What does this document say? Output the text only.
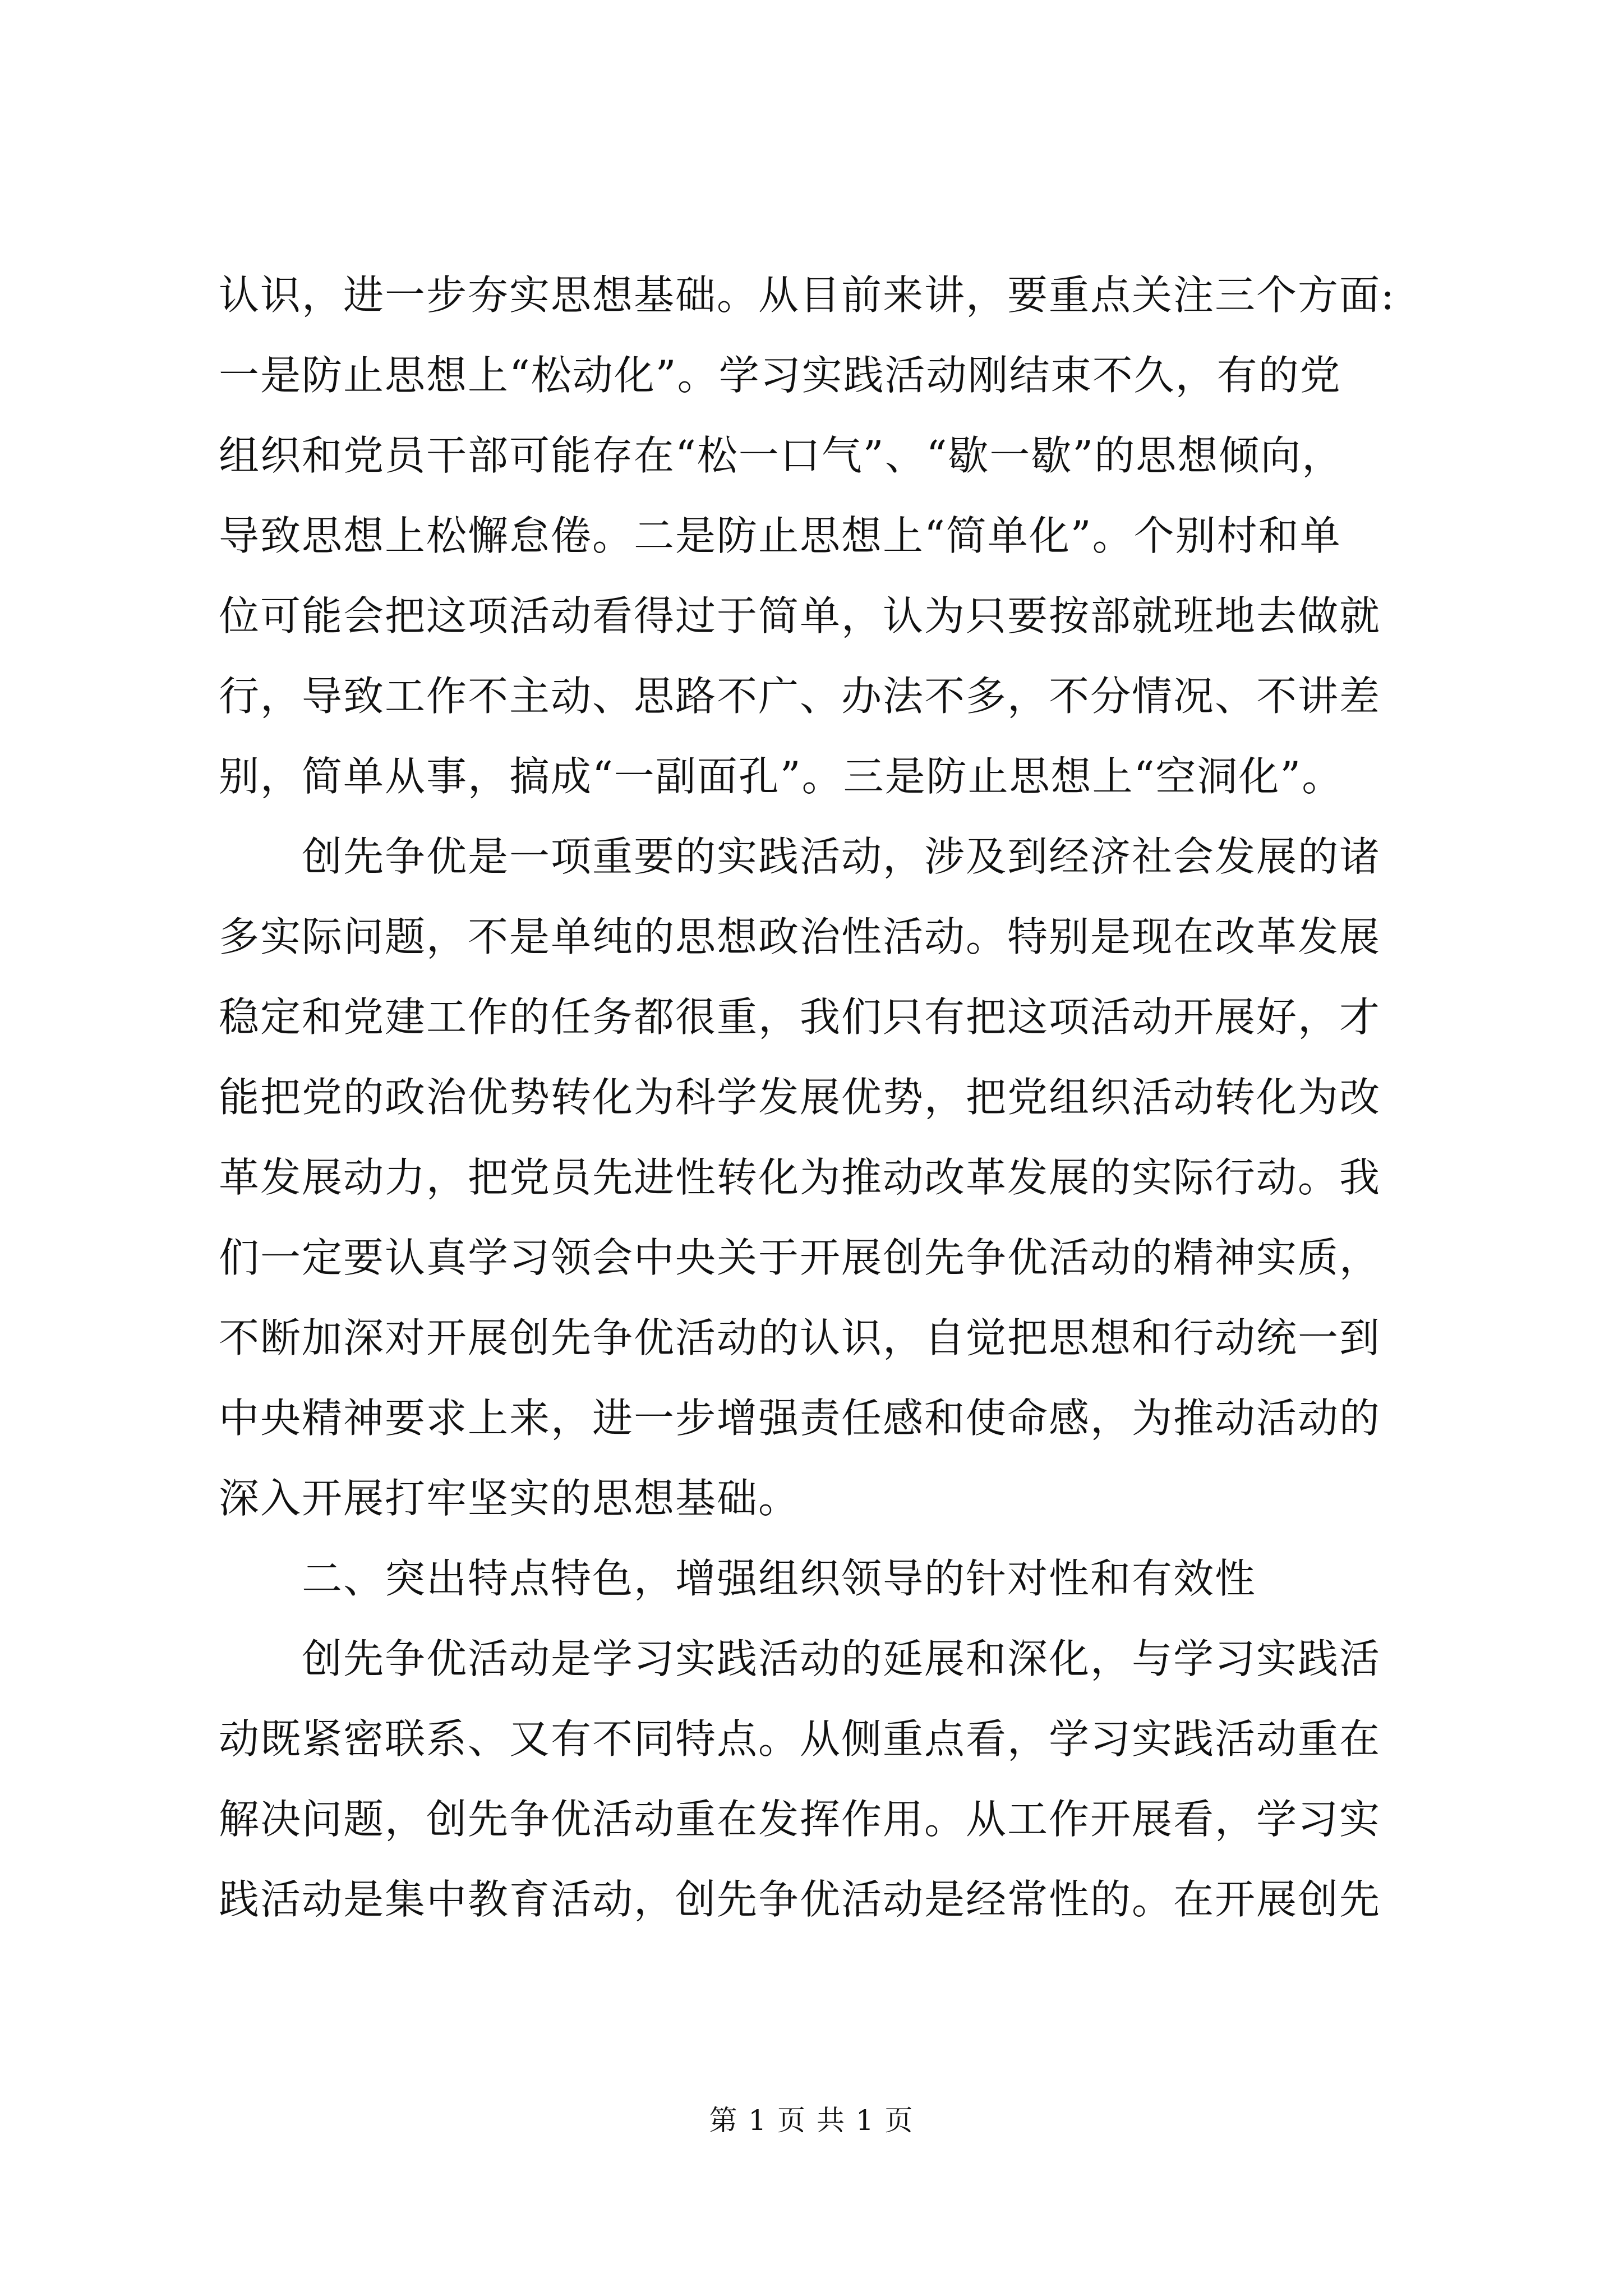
认识，进一步夯实思想基础。从目前来讲，要重点关注三个方面:
一是防止思想上“松动化”。学习实践活动刚结束不久，有的党
组织和党员干部可能存在“松一口气”、“歇一歇”的思想倾向，
导致思想上松懈怠倦。二是防止思想上“简单化”。个别村和单
位可能会把这项活动看得过于简单，认为只要按部就班地去做就
行，导致工作不主动、思路不广、办法不多，不分情况、不讲差
别，简单从事，搞成“一副面孔”。三是防止思想上“空洞化”。
创先争优是一项重要的实践活动，涉及到经济社会发展的诸
多实际问题，不是单纯的思想政治性活动。特别是现在改革发展
稳定和党建工作的任务都很重，我们只有把这项活动开展好，才
能把党的政治优势转化为科学发展优势，把党组织活动转化为改
革发展动力，把党员先进性转化为推动改革发展的实际行动。我
们一定要认真学习领会中央关于开展创先争优活动的精神实质，
不断加深对开展创先争优活动的认识，自觉把思想和行动统一到
中央精神要求上来，进一步增强责任感和使命感，为推动活动的
深入开展打牢坚实的思想基础。
二、突出特点特色，增强组织领导的针对性和有效性
创先争优活动是学习实践活动的延展和深化，与学习实践活
动既紧密联系、又有不同特点。从侧重点看，学习实践活动重在
解决问题，创先争优活动重在发挥作用。从工作开展看，学习实
践活动是集中教育活动，创先争优活动是经常性的。在开展创先
第 1 页 共 1 页
